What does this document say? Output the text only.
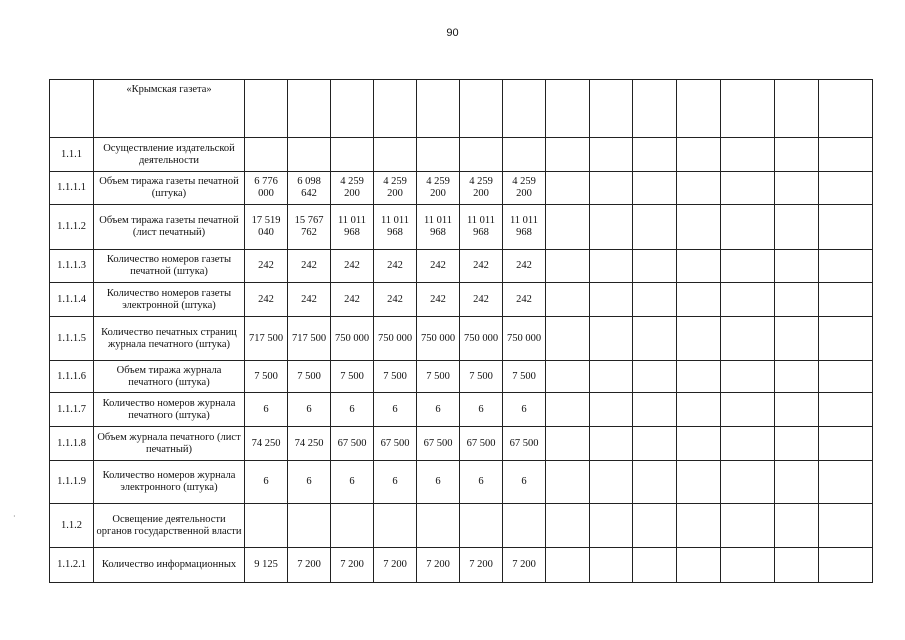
90
·
	«Крымская газета»														
1.1.1	Осуществление издательской деятельности														
1.1.1.1	Объем тиража газеты печатной (штука)	6 776 000	6 098 642	4 259 200	4 259 200	4 259 200	4 259 200	4 259 200							
1.1.1.2	Объем тиража газеты печатной (лист печатный)	17 519 040	15 767 762	11 011 968	11 011 968	11 011 968	11 011 968	11 011 968							
1.1.1.3	Количество номеров газеты печатной (штука)	242	242	242	242	242	242	242							
1.1.1.4	Количество номеров газеты электронной (штука)	242	242	242	242	242	242	242							
1.1.1.5	Количество печатных страниц журнала печатного (штука)	717 500	717 500	750 000	750 000	750 000	750 000	750 000							
1.1.1.6	Объем тиража журнала печатного (штука)	7 500	7 500	7 500	7 500	7 500	7 500	7 500							
1.1.1.7	Количество номеров журнала печатного (штука)	6	6	6	6	6	6	6							
1.1.1.8	Объем журнала печатного (лист печатный)	74 250	74 250	67 500	67 500	67 500	67 500	67 500							
1.1.1.9	Количество номеров журнала электронного (штука)	6	6	6	6	6	6	6							
1.1.2	Освещение деятельности органов государственной власти														
1.1.2.1	Количество информационных	9 125	7 200	7 200	7 200	7 200	7 200	7 200							
